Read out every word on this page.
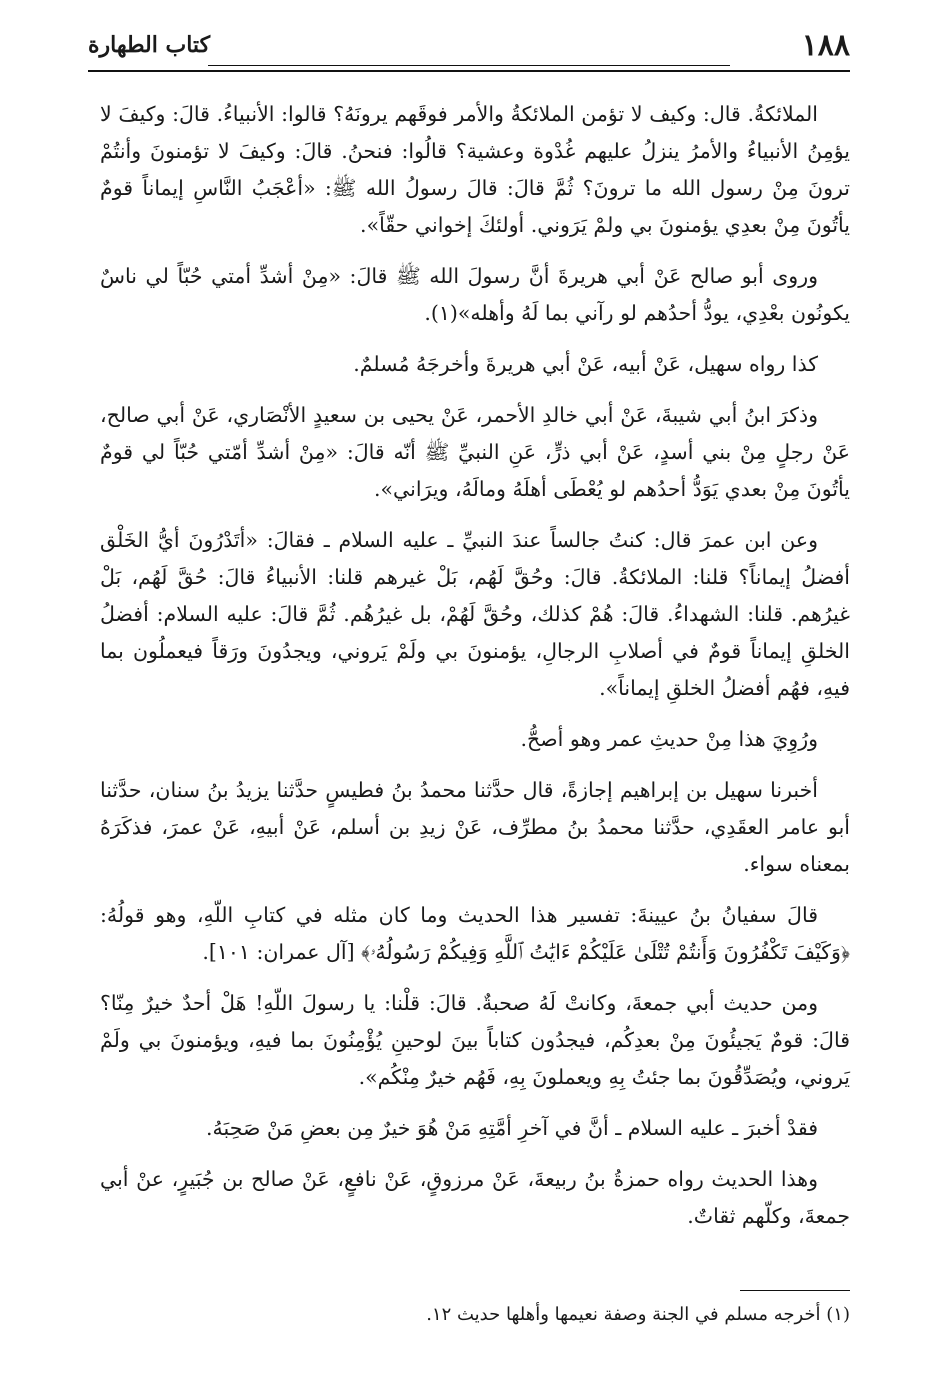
١٨٨
كتاب الطهارة

الملائكةُ. قال: وكيف لا تؤمن الملائكةُ والأمر فوقَهم يرونَهُ؟ قالوا: الأنبياءُ. قالَ: وكيفَ لا يؤمِنُ الأنبياءُ والأمرُ ينزلُ عليهم غُدْوة وعشية؟ قالُوا: فنحنُ. قالَ: وكيفَ لا تؤمنونَ وأنتُمْ ترونَ مِنْ رسول الله ما ترونَ؟ ثُمَّ قالَ: قالَ رسولُ الله ﷺ: «أعْجَبُ النَّاسِ إيماناً قومٌ يأتُونَ مِنْ بعدِي يؤمنونَ بي ولمْ يَرَوني. أولئكَ إخواني حقّاً».

وروى أبو صالح عَنْ أبي هريرةَ أنَّ رسولَ الله ﷺ قالَ: «مِنْ أشدِّ أمتي حُبّاً لي ناسٌ يكونُون بعْدِي، يودُّ أحدُهم لو رآني بما لَهُ وأهله»(١).

كذا رواه سهيل، عَنْ أبيه، عَنْ أبي هريرةَ وأخرجَهُ مُسلمٌ.

وذكرَ ابنُ أبي شيبةَ، عَنْ أبي خالدِ الأحمر، عَنْ يحيى بن سعيدٍ الأنْصَاري، عَنْ أبي صالح، عَنْ رجلٍ مِنْ بني أسدٍ، عَنْ أبي ذرٍّ، عَنِ النبيِّ ﷺ أنّه قالَ: «مِنْ أشدِّ أمّتي حُبّاً لي قومٌ يأتُونَ مِنْ بعدي يَوَدُّ أحدُهم لو يُعْطَى أهلَهُ ومالَهُ، ويرَاني».

وعن ابن عمرَ قال: كنتُ جالساً عندَ النبيِّ ـ عليه السلام ـ فقالَ: «أتَدْرُونَ أيُّ الخَلْق أفضلُ إيماناً؟ قلنا: الملائكةُ. قالَ: وحُقَّ لَهُم، بَلْ غيرهم قلنا: الأنبياءُ قالَ: حُقَّ لَهُم، بَلْ غيرُهم. قلنا: الشهداءُ. قالَ: هُمْ كذلك، وحُقَّ لَهُمْ، بل غيرُهُم. ثُمَّ قالَ: عليه السلام: أفضلُ الخلقِ إيماناً قومٌ في أصلابِ الرجالِ، يؤمنونَ بي ولَمْ يَروني، ويجدُونَ ورَقاً فيعملُون بما فيهِ، فهُم أفضلُ الخلقِ إيماناً».

ورُوِيَ هذا مِنْ حديثِ عمر وهو أصحُّ.

أخبرنا سهيل بن إبراهيم إجازةً، قال حدَّثنا محمدُ بنُ فطيسٍ حدَّثنا يزيدُ بنُ سنان، حدَّثنا أبو عامر العقَدِي، حدَّثنا محمدُ بنُ مطرِّف، عَنْ زيدِ بن أسلم، عَنْ أبيهِ، عَنْ عمرَ، فذكَرَهُ بمعناه سواء.

قالَ سفيانُ بنُ عيينةَ: تفسير هذا الحديث وما كان مثله في كتابِ اللّهِ، وهو قولُهُ: ﴿وَكَيْفَ تَكْفُرُونَ وَأَنتُمْ تُتْلَىٰ عَلَيْكُمْ ءَايَٰتُ ٱللَّهِ وَفِيكُمْ رَسُولُهُۥ﴾ [آل عمران: ١٠١].

ومن حديث أبي جمعةَ، وكانتْ لَهُ صحبةٌ. قالَ: قلْنا: يا رسولَ اللّهِ! هَلْ أحدٌ خيرٌ مِنّا؟ قالَ: قومٌ يَجيئُونَ مِنْ بعدِكُم، فيجدُون كتاباً بينَ لوحينِ يُؤْمِنُونَ بما فيهِ، ويؤمنونَ بي ولَمْ يَروني، ويُصَدِّقُونَ بما جئتُ بِهِ ويعملونَ بِهِ، فَهُم خيرٌ مِنْكُم».

فقدْ أخبرَ ـ عليه السلام ـ أنَّ في آخرِ أمَّتِهِ مَنْ هُوَ خيرٌ مِن بعضِ مَنْ صَحِبَهُ.

وهذا الحديث رواه حمزةُ بنُ ربيعةَ، عَنْ مرزوقٍ، عَنْ نافعٍ، عَنْ صالح بن جُبَيرٍ، عنْ أبي جمعةَ، وكلّهم ثقاتٌ.

(١) أخرجه مسلم في الجنة وصفة نعيمها وأهلها حديث ١٢.
